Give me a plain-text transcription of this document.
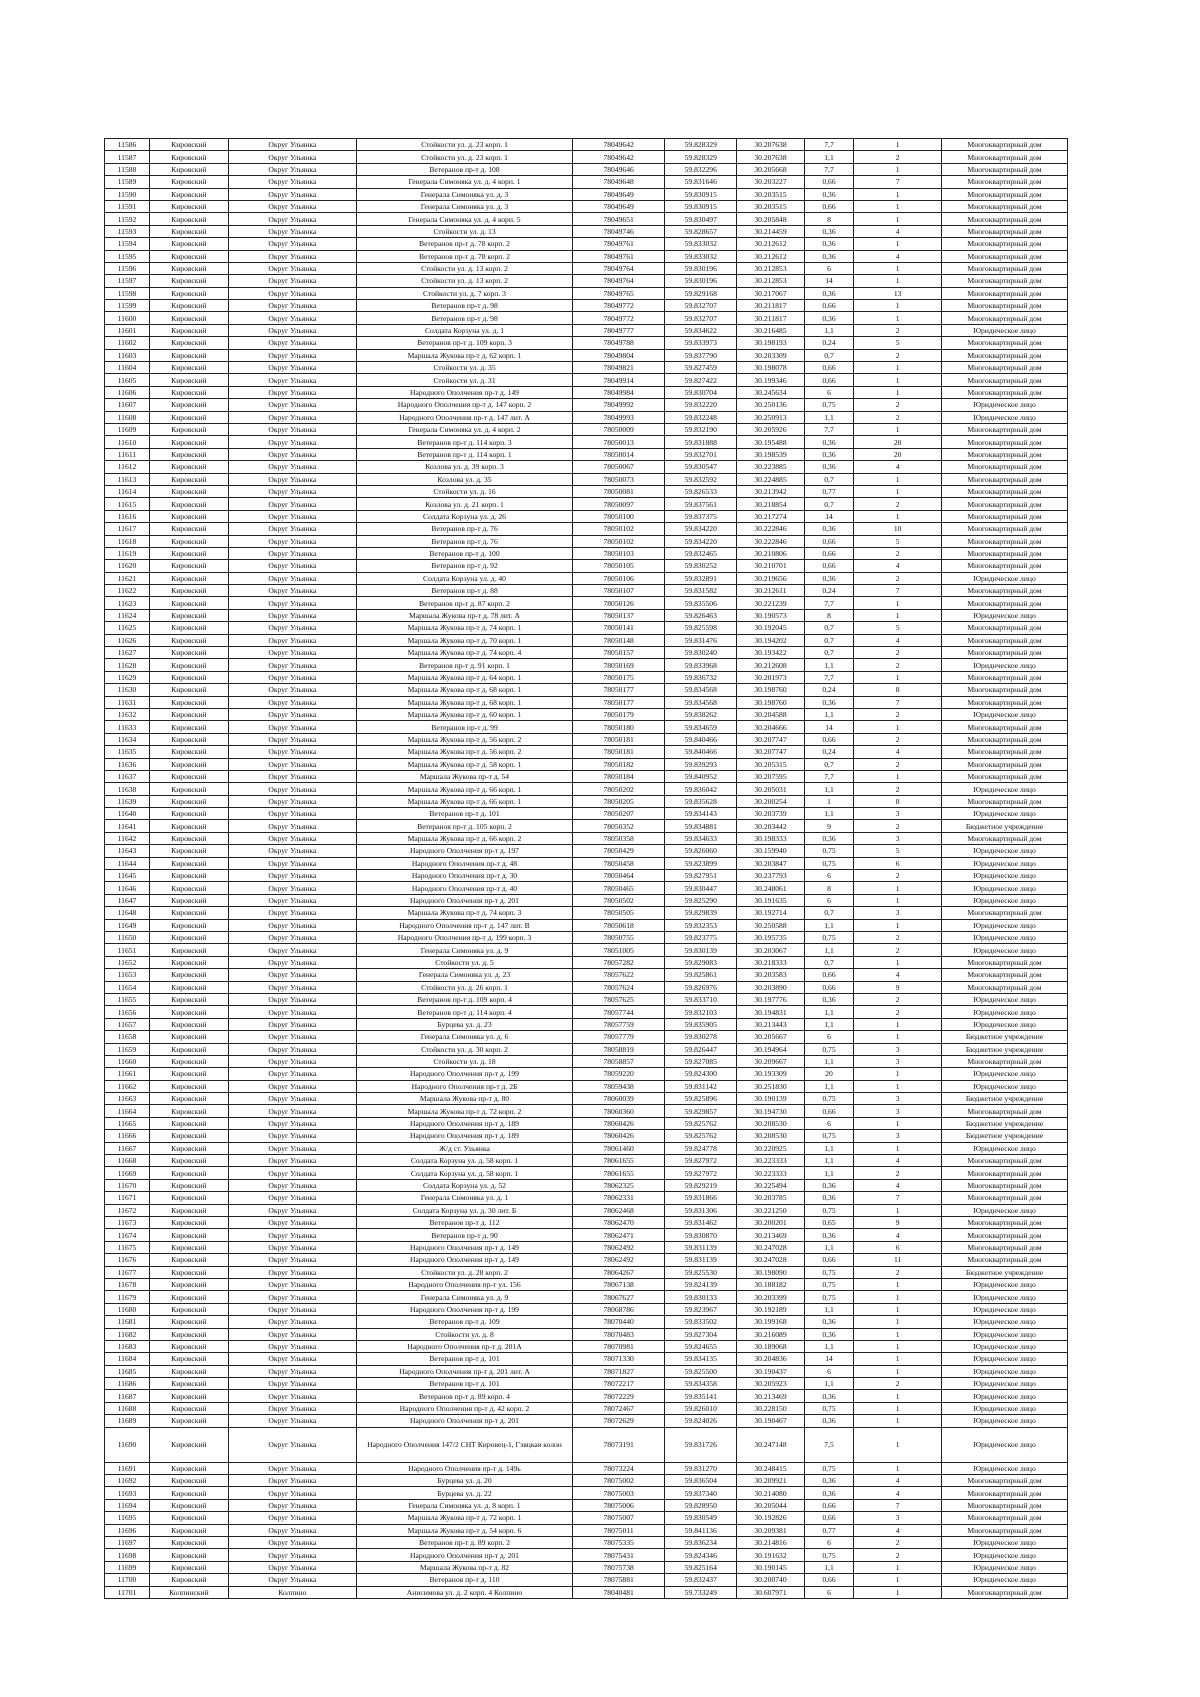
11586	Кировский	Округ Ульянка	Стойкости ул. д. 23 корп. 1	78049642	59.828329	30.207638	7,7	1	Многоквартирный дом
11587	Кировский	Округ Ульянка	Стойкости ул. д. 23 корп. 1	78049642	59.828329	30.207638	1,1	2	Многоквартирный дом
11588	Кировский	Округ Ульянка	Ветеранов пр-т д. 108	78049646	59.832296	30.205668	7,7	1	Многоквартирный дом
11589	Кировский	Округ Ульянка	Генерала Симоняка ул. д. 4 корп. 1	78049648	59.831646	30.203227	0,66	7	Многоквартирный дом
11590	Кировский	Округ Ульянка	Генерала Симоняка ул. д. 3	78049649	59.830915	30.203515	0,36	1	Многоквартирный дом
11591	Кировский	Округ Ульянка	Генерала Симоняка ул. д. 3	78049649	59.830915	30.203515	0,66	1	Многоквартирный дом
11592	Кировский	Округ Ульянка	Генерала Симоняка ул. д. 4 корп. 5	78049651	59.830497	30.205848	8	1	Многоквартирный дом
11593	Кировский	Округ Ульянка	Стойкости ул. д. 13	78049746	59.828657	30.214459	0,36	4	Многоквартирный дом
11594	Кировский	Округ Ульянка	Ветеранов пр-т д. 78 корп. 2	78049761	59.833032	30.212612	0,36	1	Многоквартирный дом
11595	Кировский	Округ Ульянка	Ветеранов пр-т д. 78 корп. 2	78049761	59.833032	30.212612	0,36	4	Многоквартирный дом
11596	Кировский	Округ Ульянка	Стойкости ул. д. 13 корп. 2	78049764	59.830196	30.212853	6	1	Многоквартирный дом
11597	Кировский	Округ Ульянка	Стойкости ул. д. 13 корп. 2	78049764	59.830196	30.212853	14	1	Многоквартирный дом
11598	Кировский	Округ Ульянка	Стойкости ул. д. 7 корп. 3	78049765	59.829168	30.217067	0,36	13	Многоквартирный дом
11599	Кировский	Округ Ульянка	Ветеранов пр-т д. 98	78049772	59.832707	30.211817	0,66	1	Многоквартирный дом
11600	Кировский	Округ Ульянка	Ветеранов пр-т д. 98	78049772	59.832707	30.211817	0,36	1	Многоквартирный дом
11601	Кировский	Округ Ульянка	Солдата Корзуна ул. д. 1	78049777	59.834622	30.216485	1,1	2	Юридическое лицо
11602	Кировский	Округ Ульянка	Ветеранов пр-т д. 109 корп. 3	78049788	59.833973	30.198193	0,24	5	Многоквартирный дом
11603	Кировский	Округ Ульянка	Маршала Жукова пр-т д. 62 корп. 1	78049804	59.837790	30.203309	0,7	2	Многоквартирный дом
11604	Кировский	Округ Ульянка	Стойкости ул. д. 35	78049821	59.827459	30.198078	0,66	1	Многоквартирный дом
11605	Кировский	Округ Ульянка	Стойкости ул. д. 31	78049914	59.827422	30.199346	0,66	1	Многоквартирный дом
11606	Кировский	Округ Ульянка	Народного Ополчения пр-т д. 149	78049984	59.830704	30.245634	6	1	Многоквартирный дом
11607	Кировский	Округ Ульянка	Народного Ополчения пр-т д. 147 корп. 2	78049992	59.832220	30.250136	0,75	2	Юридическое лицо
11608	Кировский	Округ Ульянка	Народного Ополчения пр-т д. 147 лит. А	78049993	59.832248	30.250913	1,1	2	Юридическое лицо
11609	Кировский	Округ Ульянка	Генерала Симоняка ул. д. 4 корп. 2	78050009	59.832190	30.205926	7,7	1	Многоквартирный дом
11610	Кировский	Округ Ульянка	Ветеранов пр-т д. 114 корп. 3	78050013	59.831888	30.195488	0,36	20	Многоквартирный дом
11611	Кировский	Округ Ульянка	Ветеранов пр-т д. 114 корп. 1	78050014	59.832701	30.198539	0,36	20	Многоквартирный дом
11612	Кировский	Округ Ульянка	Козлова ул. д. 39 корп. 3	78050067	59.830547	30.223885	0,36	4	Многоквартирный дом
11613	Кировский	Округ Ульянка	Козлова ул. д. 35	78050073	59.832592	30.224885	0,7	1	Многоквартирный дом
11614	Кировский	Округ Ульянка	Стойкости ул. д. 16	78050081	59.826533	30.213942	0,77	1	Многоквартирный дом
11615	Кировский	Округ Ульянка	Козлова ул. д. 21 корп. 1	78050097	59.837561	30.218854	0,7	2	Многоквартирный дом
11616	Кировский	Округ Ульянка	Солдата Корзуна ул. д. 26	78050100	59.837375	30.217274	14	1	Многоквартирный дом
11617	Кировский	Округ Ульянка	Ветеранов пр-т д. 76	78050102	59.834220	30.222846	0,36	10	Многоквартирный дом
11618	Кировский	Округ Ульянка	Ветеранов пр-т д. 76	78050102	59.834220	30.222846	0,66	5	Многоквартирный дом
11619	Кировский	Округ Ульянка	Ветеранов пр-т д. 100	78050103	59.832465	30.210806	0,66	2	Многоквартирный дом
11620	Кировский	Округ Ульянка	Ветеранов пр-т д. 92	78050105	59.830252	30.210701	0,66	4	Многоквартирный дом
11621	Кировский	Округ Ульянка	Солдата Корзуна ул. д. 40	78050106	59.832891	30.219656	0,36	2	Юридическое лицо
11622	Кировский	Округ Ульянка	Ветеранов пр-т д. 88	78050107	59.831582	30.212611	0,24	7	Многоквартирный дом
11623	Кировский	Округ Ульянка	Ветеранов пр-т д. 87 корп. 2	78050126	59.835506	30.221239	7,7	1	Многоквартирный дом
11624	Кировский	Округ Ульянка	Маршала Жукова пр-т д. 78 лит. А	78050137	59.826463	30.190573	8	1	Юридическое лицо
11625	Кировский	Округ Ульянка	Маршала Жукова пр-т д. 74 корп. 1	78050141	59.825598	30.192045	0,7	5	Многоквартирный дом
11626	Кировский	Округ Ульянка	Маршала Жукова пр-т д. 70 корп. 1	78050148	59.831476	30.194202	0,7	4	Многоквартирный дом
11627	Кировский	Округ Ульянка	Маршала Жукова пр-т д. 74 корп. 4	78050157	59.830240	30.193422	0,7	2	Многоквартирный дом
11628	Кировский	Округ Ульянка	Ветеранов пр-т д. 91 корп. 1	78050169	59.833968	30.212608	1,1	2	Юридическое лицо
11629	Кировский	Округ Ульянка	Маршала Жукова пр-т д. 64 корп. 1	78050175	59.836732	30.201973	7,7	1	Многоквартирный дом
11630	Кировский	Округ Ульянка	Маршала Жукова пр-т д. 68 корп. 1	78050177	59.834568	30.198760	0,24	8	Многоквартирный дом
11631	Кировский	Округ Ульянка	Маршала Жукова пр-т д. 68 корп. 1	78050177	59.834568	30.198760	0,36	7	Многоквартирный дом
11632	Кировский	Округ Ульянка	Маршала Жукова пр-т д. 60 корп. 1	78050179	59.838262	30.204588	1,1	2	Юридическое лицо
11633	Кировский	Округ Ульянка	Ветеранов пр-т д. 99	78050180	59.834659	30.204666	14	1	Многоквартирный дом
11634	Кировский	Округ Ульянка	Маршала Жукова пр-т д. 56 корп. 2	78050181	59.840466	30.207747	0,66	2	Многоквартирный дом
11635	Кировский	Округ Ульянка	Маршала Жукова пр-т д. 56 корп. 2	78050181	59.840466	30.207747	0,24	4	Многоквартирный дом
11636	Кировский	Округ Ульянка	Маршала Жукова пр-т д. 58 корп. 1	78050182	59.839293	30.205315	0,7	2	Многоквартирный дом
11637	Кировский	Округ Ульянка	Маршала Жукова пр-т д. 54	78050184	59.840952	30.207595	7,7	1	Многоквартирный дом
11638	Кировский	Округ Ульянка	Маршала Жукова пр-т д. 66 корп. 1	78050202	59.836042	30.205031	1,1	2	Юридическое лицо
11639	Кировский	Округ Ульянка	Маршала Жукова пр-т д. 66 корп. 1	78050205	59.835628	30.200254	1	8	Многоквартирный дом
11640	Кировский	Округ Ульянка	Ветеранов пр-т д. 101	78050207	59.834143	30.203739	1,1	3	Юридическое лицо
11641	Кировский	Округ Ульянка	Ветеранов пр-т д. 105 корп. 2	78050352	59.834881	30.203442	9	2	Бюджетное учреждение
11642	Кировский	Округ Ульянка	Маршала Жукова пр-т д. 66 корп. 2	78050358	59.834633	30.198333	0,36	3	Многоквартирный дом
11643	Кировский	Округ Ульянка	Народного Ополчения пр-т д. 197	78050429	59.826060	30.159940	0,75	5	Юридическое лицо
11644	Кировский	Округ Ульянка	Народного Ополчения пр-т д. 48	78050458	59.823899	30.203847	0,75	6	Юридическое лицо
11645	Кировский	Округ Ульянка	Народного Ополчения пр-т д. 30	78050464	59.827951	30.237793	6	2	Юридическое лицо
11646	Кировский	Округ Ульянка	Народного Ополчения пр-т д. 40	78050465	59.830447	30.248061	8	1	Юридическое лицо
11647	Кировский	Округ Ульянка	Народного Ополчения пр-т д. 201	78050502	59.825290	30.191635	6	1	Юридическое лицо
11648	Кировский	Округ Ульянка	Маршала Жукова пр-т д. 74 корп. 3	78050505	59.829839	30.192714	0,7	3	Многоквартирный дом
11649	Кировский	Округ Ульянка	Народного Ополчения пр-т д. 147 лит. В	78050618	59.832353	30.250588	1,1	1	Юридическое лицо
11650	Кировский	Округ Ульянка	Народного Ополчения пр-т д. 199 корп. 3	78050755	59.823775	30.195735	0,75	2	Юридическое лицо
11651	Кировский	Округ Ульянка	Генерала Симоняка ул. д. 9	78051005	59.830139	30.203067	1,1	2	Юридическое лицо
11652	Кировский	Округ Ульянка	Стойкости ул. д. 5	78057282	59.829083	30.218333	0,7	1	Многоквартирный дом
11653	Кировский	Округ Ульянка	Генерала Симоняка ул. д. 23	78057622	59.825861	30.203583	0,66	4	Многоквартирный дом
11654	Кировский	Округ Ульянка	Стойкости ул. д. 26 корп. 1	78057624	59.826976	30.203890	0,66	9	Многоквартирный дом
11655	Кировский	Округ Ульянка	Ветеранов пр-т д. 109 корп. 4	78057625	59.833710	30.197776	0,36	2	Юридическое лицо
11656	Кировский	Округ Ульянка	Ветеранов пр-т д. 114 корп. 4	78057744	59.832103	30.194831	1,1	2	Юридическое лицо
11657	Кировский	Округ Ульянка	Бурцева ул. д. 23	78057759	59.835905	30.213443	1,1	1	Юридическое лицо
11658	Кировский	Округ Ульянка	Генерала Симоняка ул. д. 6	78057779	59.830278	30.205667	6	1	Бюджетное учреждение
11659	Кировский	Округ Ульянка	Стойкости ул. д. 30 корп. 2	78058819	59.826447	30.194964	0,75	3	Бюджетное учреждение
11660	Кировский	Округ Ульянка	Стойкости ул. д. 18	78058857	59.827085	30.209667	1,1	3	Многоквартирный дом
11661	Кировский	Округ Ульянка	Народного Ополчения пр-т д. 199	78059220	59.824300	30.193309	20	1	Юридическое лицо
11662	Кировский	Округ Ульянка	Народного Ополчения пр-т д. 2Б	78059438	59.831142	30.251830	1,1	1	Юридическое лицо
11663	Кировский	Округ Ульянка	Маршала Жукова пр-т д. 80	78060039	59.825896	30.190139	0,75	3	Бюджетное учреждение
11664	Кировский	Округ Ульянка	Маршала Жукова пр-т д. 72 корп. 2	78060360	59.829857	30.194730	0,66	3	Многоквартирный дом
11665	Кировский	Округ Ульянка	Народного Ополчения пр-т д. 189	78060426	59.825762	30.208530	6	1	Бюджетное учреждение
11666	Кировский	Округ Ульянка	Народного Ополчения пр-т д. 189	78060426	59.825762	30.208530	0,75	3	Бюджетное учреждение
11667	Кировский	Округ Ульянка	Ж/д ст. Ульянка	78061460	59.824778	30.220925	1,1	1	Юридическое лицо
11668	Кировский	Округ Ульянка	Солдата Корзуна ул. д. 58 корп. 1	78061655	59.827972	30.223333	1,1	4	Многоквартирный дом
11669	Кировский	Округ Ульянка	Солдата Корзуна ул. д. 58 корп. 1	78061655	59.827972	30.223333	1,1	2	Многоквартирный дом
11670	Кировский	Округ Ульянка	Солдата Корзуна ул. д. 52	78062325	59.829219	30.225494	0,36	4	Многоквартирный дом
11671	Кировский	Округ Ульянка	Генерала Симоняка ул. д. 1	78062331	59.831866	30.203785	0,36	7	Многоквартирный дом
11672	Кировский	Округ Ульянка	Солдата Корзуна ул. д. 30 лит. Б	78062468	59.831306	30.221250	0,75	1	Юридическое лицо
11673	Кировский	Округ Ульянка	Ветеранов пр-т д. 112	78062470	59.831462	30.200201	0,65	9	Многоквартирный дом
11674	Кировский	Округ Ульянка	Ветеранов пр-т д. 90	78062471	59.830870	30.213469	0,36	4	Многоквартирный дом
11675	Кировский	Округ Ульянка	Народного Ополчения пр-т д. 149	78062492	59.831139	30.247028	1,1	6	Многоквартирный дом
11676	Кировский	Округ Ульянка	Народного Ополчения пр-т д. 149	78062492	59.831139	30.247028	0,66	11	Многоквартирный дом
11677	Кировский	Округ Ульянка	Стойкости ул. д. 28 корп. 2	78064267	59.825530	30.198090	0,75	2	Бюджетное учреждение
11678	Кировский	Округ Ульянка	Народного Ополчения пр-т ул. 156	78067138	59.824139	30.188182	0,75	1	Юридическое лицо
11679	Кировский	Округ Ульянка	Генерала Симоняка ул. д. 9	78067627	59.830133	30.203399	0,75	1	Юридическое лицо
11680	Кировский	Округ Ульянка	Народного Ополчения пр-т д. 199	78068786	59.823967	30.192189	1,1	1	Юридическое лицо
11681	Кировский	Округ Ульянка	Ветеранов пр-т д. 109	78070440	59.833502	30.199168	0,36	1	Юридическое лицо
11682	Кировский	Округ Ульянка	Стойкости ул. д. 8	78070483	59.827304	30.216089	0,36	1	Юридическое лицо
11683	Кировский	Округ Ульянка	Народного Ополчения пр-т д. 201А	78070981	59.824655	30.189068	1,1	1	Юридическое лицо
11684	Кировский	Округ Ульянка	Ветеранов пр-т д. 101	78071330	59.834135	30.204836	14	1	Юридическое лицо
11685	Кировский	Округ Ульянка	Народного Ополчения пр-т д. 201 лит. А	78071827	59.825500	30.190437	6	1	Юридическое лицо
11686	Кировский	Округ Ульянка	Ветеранов пр-т д. 101	78072217	59.834358	30.205923	1,1	2	Юридическое лицо
11687	Кировский	Округ Ульянка	Ветеранов пр-т д. 89 корп. 4	78072229	59.835141	30.213469	0,36	1	Юридическое лицо
11688	Кировский	Округ Ульянка	Народного Ополчения пр-т д. 42 корп. 2	78072467	59.826010	30.228150	0,75	1	Юридическое лицо
11689	Кировский	Округ Ульянка	Народного Ополчения пр-т д. 201	78072629	59.824026	30.190467	0,36	1	Юридическое лицо
11690	Кировский	Округ Ульянка	Народного Ополчения 147/2 СНТ Кировец-1, Гэвцкая колон	78073191	59.831726	30.247148	7,5	1	Юридическое лицо
11691	Кировский	Округ Ульянка	Народного Ополчения пр-т д. 149ь	78073224	59.831270	30.248415	0,75	1	Юридическое лицо
11692	Кировский	Округ Ульянка	Бурцева ул. д. 20	78075002	59.836504	30.209921	0,36	4	Многоквартирный дом
11693	Кировский	Округ Ульянка	Бурцева ул. д. 22	78075003	59.837340	30.214080	0,36	4	Многоквартирный дом
11694	Кировский	Округ Ульянка	Генерала Симоняка ул. д. 8 корп. 1	78075006	59.828950	30.205044	0,66	7	Многоквартирный дом
11695	Кировский	Округ Ульянка	Маршала Жукова пр-т д. 72 корп. 1	78075007	59.830549	30.192826	0,66	3	Многоквартирный дом
11696	Кировский	Округ Ульянка	Маршала Жукова пр-т д. 54 корп. 6	78075011	59.841136	30.209381	0,77	4	Многоквартирный дом
11697	Кировский	Округ Ульянка	Ветеранов пр-т д. 89 корп. 2	78075335	59.836234	30.214816	6	2	Юридическое лицо
11698	Кировский	Округ Ульянка	Народного Ополчения пр-т д. 201	78075431	59.824346	30.191632	0,75	2	Юридическое лицо
11699	Кировский	Округ Ульянка	Маршала Жукова пр-т д. 82	78075738	59.825164	30.190145	1,1	1	Юридическое лицо
11700	Кировский	Округ Ульянка	Ветеранов пр-т д. 110	78075881	59.832437	30.200740	0,66	1	Юридическое лицо
11701	Колпинский	Колпино	Анисимова ул. д. 2 корп. 4 Колпино	78040481	59.733249	30.607971	6	1	Многоквартирный дом
